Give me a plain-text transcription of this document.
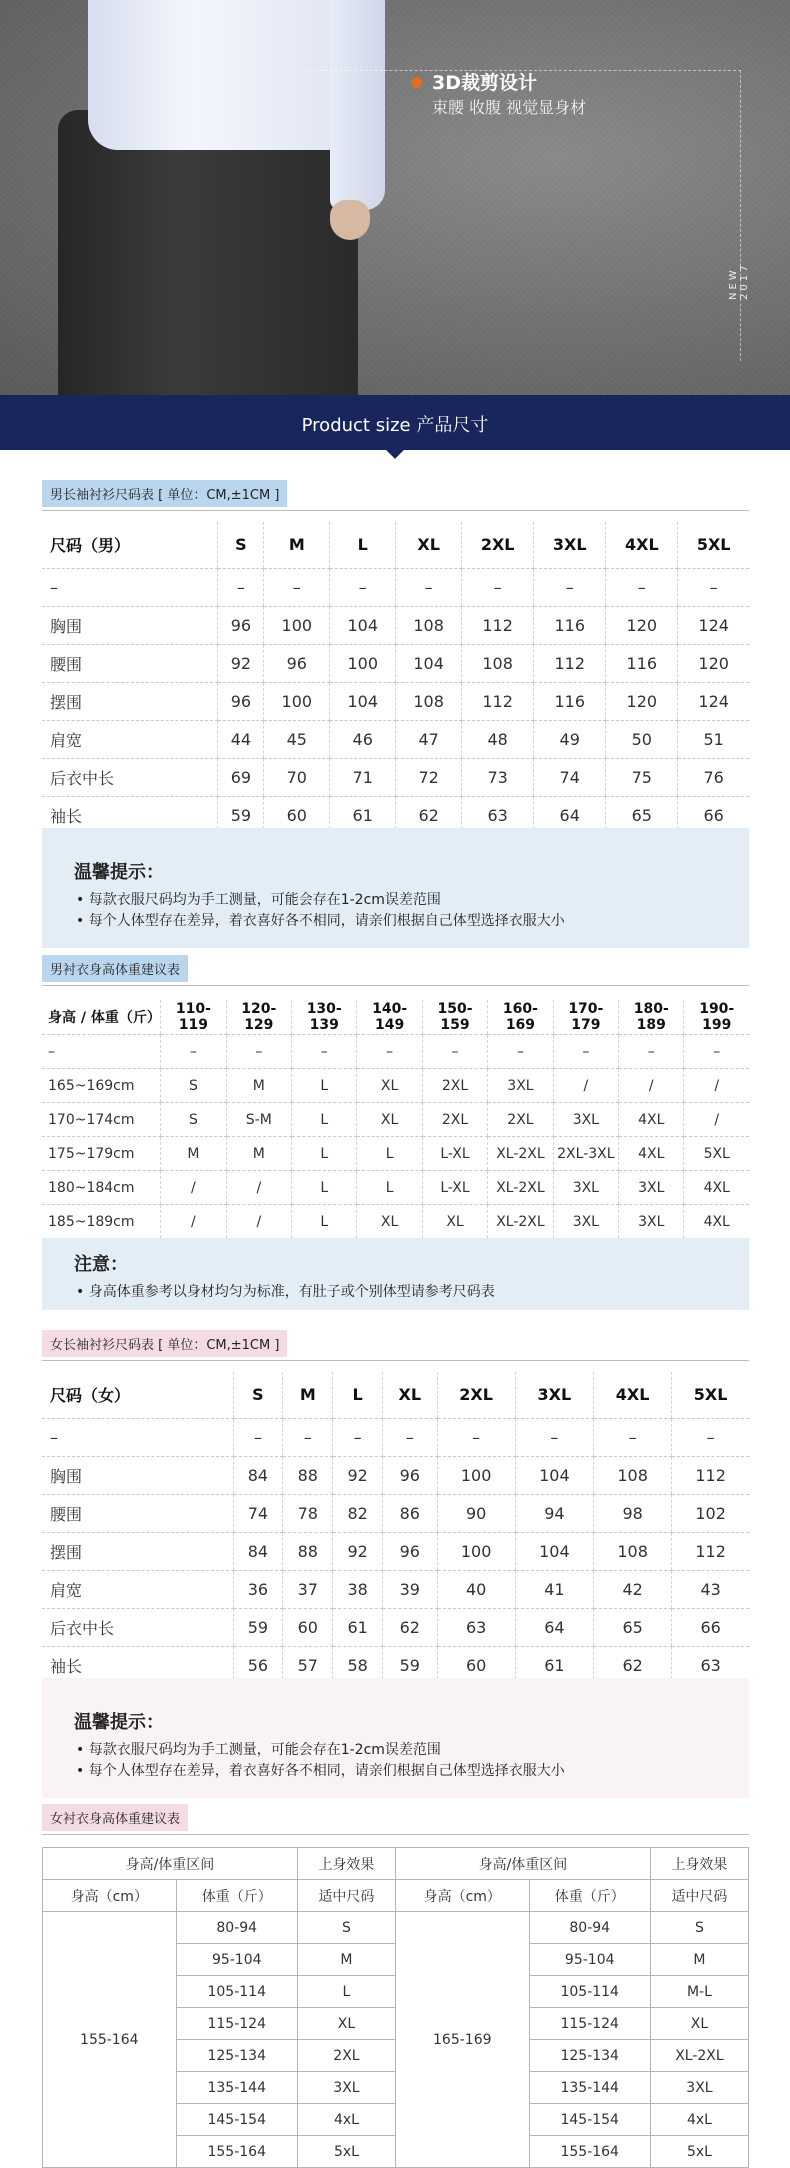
3D裁剪设计
束腰 收腹 视觉显身材
NEW 2017
Product size 产品尺寸
男长袖衬衫尺码表 [ 单位：CM,±1CM ]
尺码（男）	S	M	L	XL	2XL	3XL	4XL	5XL
–	–	–	–	–	–	–	–	–
胸围	96	100	104	108	112	116	120	124
腰围	92	96	100	104	108	112	116	120
摆围	96	100	104	108	112	116	120	124
肩宽	44	45	46	47	48	49	50	51
后衣中长	69	70	71	72	73	74	75	76
袖长	59	60	61	62	63	64	65	66
温馨提示：
• 每款衣服尺码均为手工测量，可能会存在1-2cm误差范围
• 每个人体型存在差异，着衣喜好各不相同，请亲们根据自己体型选择衣服大小
男衬衣身高体重建议表
身高 / 体重（斤）	110-119	120-129	130-139	140-149	150-159	160-169	170-179	180-189	190-199
–	–	–	–	–	–	–	–	–	–
165~169cm	S	M	L	XL	2XL	3XL	/	/	/
170~174cm	S	S-M	L	XL	2XL	2XL	3XL	4XL	/
175~179cm	M	M	L	L	L-XL	XL-2XL	2XL-3XL	4XL	5XL
180~184cm	/	/	L	L	L-XL	XL-2XL	3XL	3XL	4XL
185~189cm	/	/	L	XL	XL	XL-2XL	3XL	3XL	4XL
注意：
• 身高体重参考以身材均匀为标准，有肚子或个别体型请参考尺码表
女长袖衬衫尺码表 [ 单位：CM,±1CM ]
尺码（女）	S	M	L	XL	2XL	3XL	4XL	5XL
–	–	–	–	–	–	–	–	–
胸围	84	88	92	96	100	104	108	112
腰围	74	78	82	86	90	94	98	102
摆围	84	88	92	96	100	104	108	112
肩宽	36	37	38	39	40	41	42	43
后衣中长	59	60	61	62	63	64	65	66
袖长	56	57	58	59	60	61	62	63
温馨提示：
• 每款衣服尺码均为手工测量，可能会存在1-2cm误差范围
• 每个人体型存在差异，着衣喜好各不相同，请亲们根据自己体型选择衣服大小
女衬衣身高体重建议表
身高/体重区间		上身效果	身高/体重区间		上身效果
身高（cm）	体重（斤）	适中尺码	身高（cm）	体重（斤）	适中尺码
155-164	80-94	S	165-169	80-94	S
	95-104	M		95-104	M
	105-114	L		105-114	M-L
	115-124	XL		115-124	XL
	125-134	2XL		125-134	XL-2XL
	135-144	3XL		135-144	3XL
	145-154	4xL		145-154	4xL
	155-164	5xL		155-164	5xL
